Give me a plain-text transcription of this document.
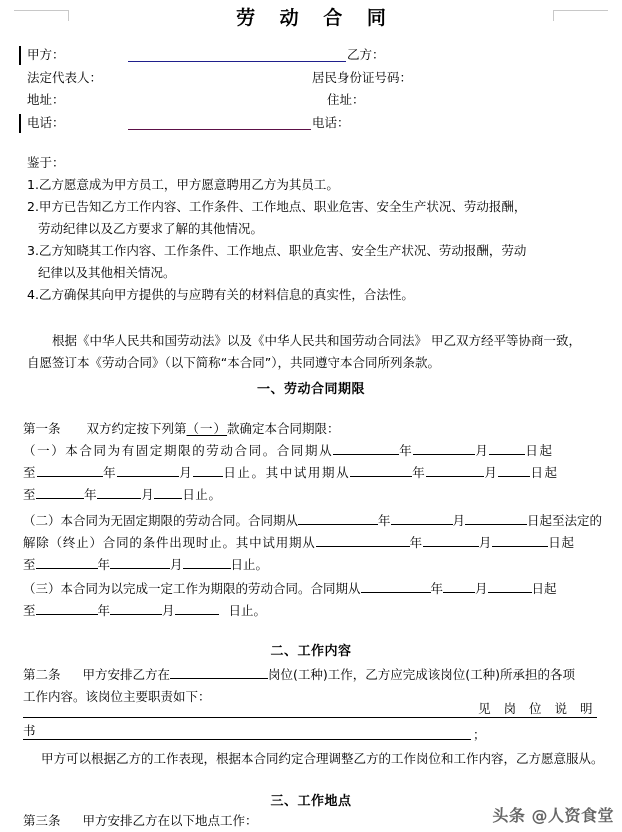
劳 动 合 同
甲方：	乙方：
法定代表人：	居民身份证号码：
地址：	住址：
电话：	电话：
鉴于：
1.乙方愿意成为甲方员工，甲方愿意聘用乙方为其员工。
2.甲方已告知乙方工作内容、工作条件、工作地点、职业危害、安全生产状况、劳动报酬，
劳动纪律以及乙方要求了解的其他情况。
3.乙方知晓其工作内容、工作条件、工作地点、职业危害、安全生产状况、劳动报酬，劳动
纪律以及其他相关情况。
4.乙方确保其向甲方提供的与应聘有关的材料信息的真实性，合法性。
根据《中华人民共和国劳动法》以及《中华人民共和国劳动合同法》 甲乙双方经平等协商一致，
自愿签订本《劳动合同》（以下简称“本合同”），共同遵守本合同所列条款。
一、劳动合同期限
第一条 双方约定按下列第（一）款确定本合同期限：
（一）本合同为有固定期限的劳动合同。合同期从	年	月	日起
至	年	月 日止。其中试用期从	年	月	日起
至	年	月 日止。
（二）本合同为无固定期限的劳动合同。合同期从	年	月	日起至法定的
解除（终止）合同的条件出现时止。其中试用期从	年	月	日起
至	年	月	日止。
（三）本合同为以完成一定工作为期限的劳动合同。合同期从	年	月	日起
至	年	月	日止。
二、工作内容
第二条 甲方安排乙方在	岗位(工种)工作，乙方应完成该岗位(工种)所承担的各项
工作内容。该岗位主要职责如下：
见 岗 位 说 明
书	；
甲方可以根据乙方的工作表现，根据本合同约定合理调整乙方的工作岗位和工作内容，乙方愿意服从。
三、工作地点
第三条 甲方安排乙方在以下地点工作：	头条 @人资食堂
